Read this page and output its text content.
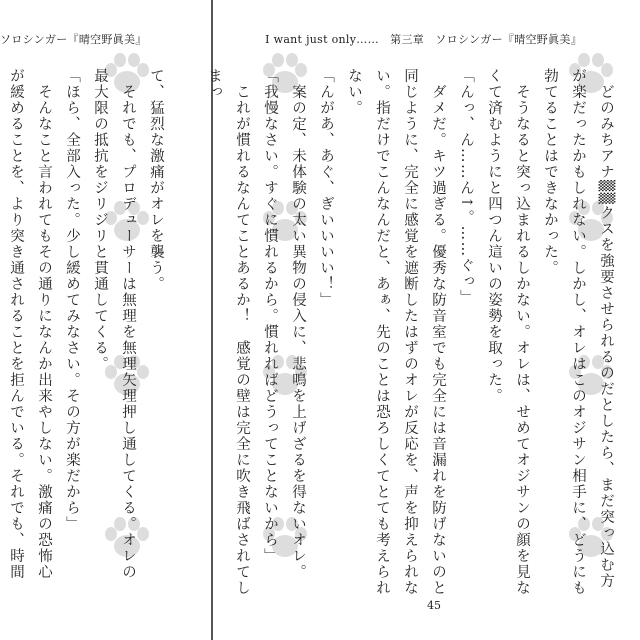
ソロシンガー『晴空野眞美』
て、猛烈な激痛がオレを襲う。
　それでも、プロデューサーは無理を無理矢理押し通してくる。オレの最大限の抵抗をジリジリと貫通してくる。
「ほら、全部入った。少し緩めてみなさい。その方が楽だから」
　そんなこと言われてもその通りになんか出来やしない。激痛の恐怖心が緩めることを、より突き通されることを拒んでいる。それでも、時間
I want just only……　第三章　ソロシンガー『晴空野眞美』
　どのみちアナ▒▒クスを強要させられるのだとしたら、まだ突っ込む方が楽だったかもしれない。しかし、オレはこのオジサン相手に、どうにも勃てることはできなかった。
　そうなると突っ込まれるしかない。オレは、せめてオジサンの顔を見なくて済むようにと四つん這いの姿勢を取った。
「んっ、ん……ん↑。……ぐっ」
　ダメだ。キツ過ぎる。優秀な防音室でも完全には音漏れを防げないのと同じように、完全に感覚を遮断したはずのオレが反応を、声を抑えられない。指だけでこんなんだと、あぁ、先のことは恐ろしくてとても考えられない。
「んがあ、あぐ、ぎいいいい！」
　案の定、未体験の太い異物の侵入に、悲鳴を上げざるを得ないオレ。
「我慢なさい。すぐに慣れるから。慣れればどうってことないから」
　これが慣れるなんてことあるか！　感覚の壁は完全に吹き飛ばされてしまっ
45
